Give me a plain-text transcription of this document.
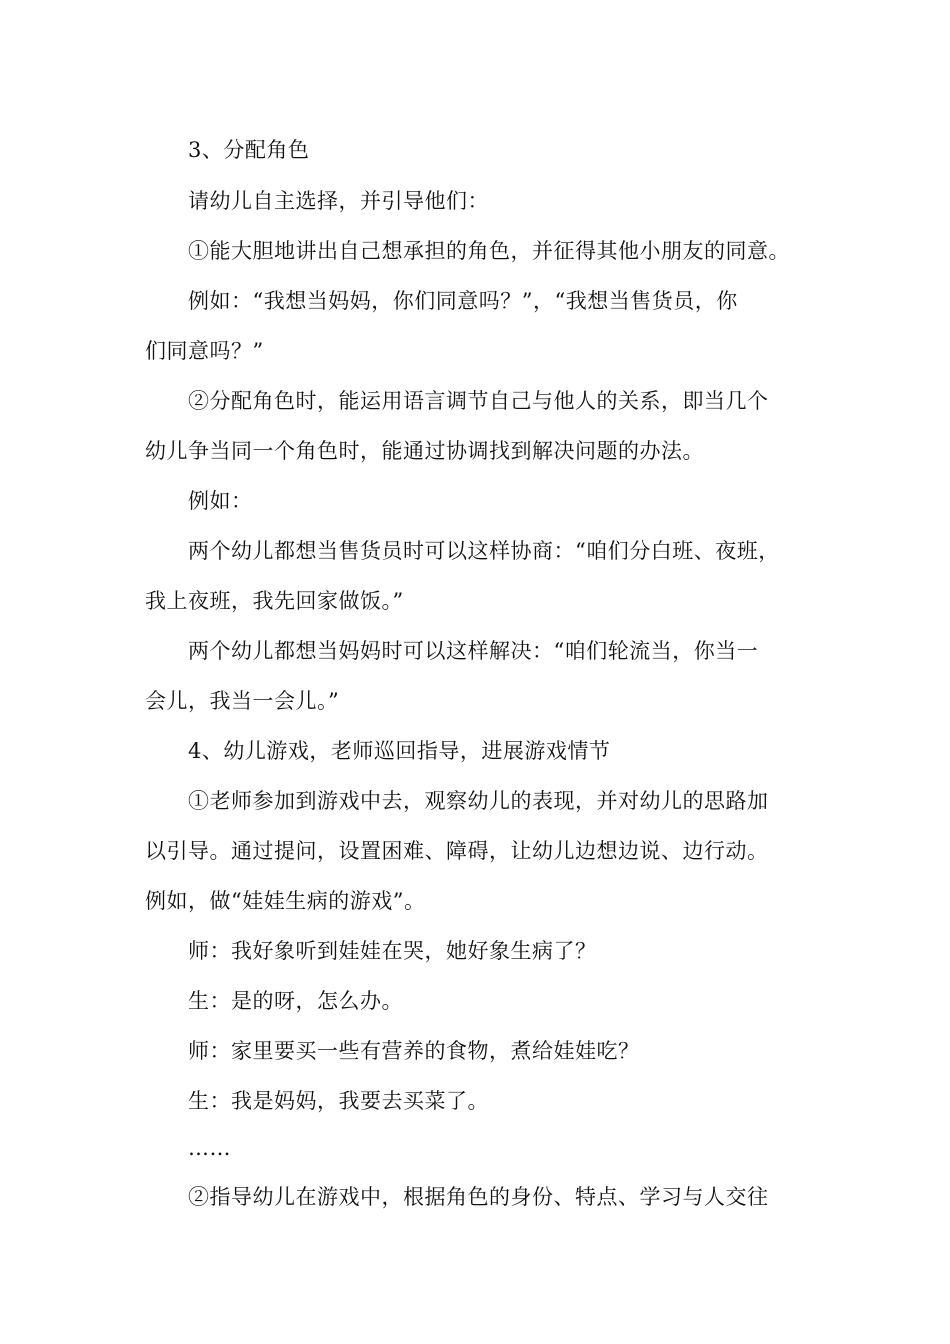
3、分配角色
请幼儿自主选择，并引导他们：
①能大胆地讲出自己想承担的角色，并征得其他小朋友的同意。
例如：“我想当妈妈，你们同意吗？”，“我想当售货员，你
们同意吗？”
②分配角色时，能运用语言调节自己与他人的关系，即当几个
幼儿争当同一个角色时，能通过协调找到解决问题的办法。
例如：
两个幼儿都想当售货员时可以这样协商：“咱们分白班、夜班，
我上夜班，我先回家做饭。”
两个幼儿都想当妈妈时可以这样解决：“咱们轮流当，你当一
会儿，我当一会儿。”
4、幼儿游戏，老师巡回指导，进展游戏情节
①老师参加到游戏中去，观察幼儿的表现，并对幼儿的思路加
以引导。通过提问，设置困难、障碍，让幼儿边想边说、边行动。
例如，做“娃娃生病的游戏”。
师：我好象听到娃娃在哭，她好象生病了？
生：是的呀，怎么办。
师：家里要买一些有营养的食物，煮给娃娃吃？
生：我是妈妈，我要去买菜了。
……
②指导幼儿在游戏中，根据角色的身份、特点、学习与人交往
